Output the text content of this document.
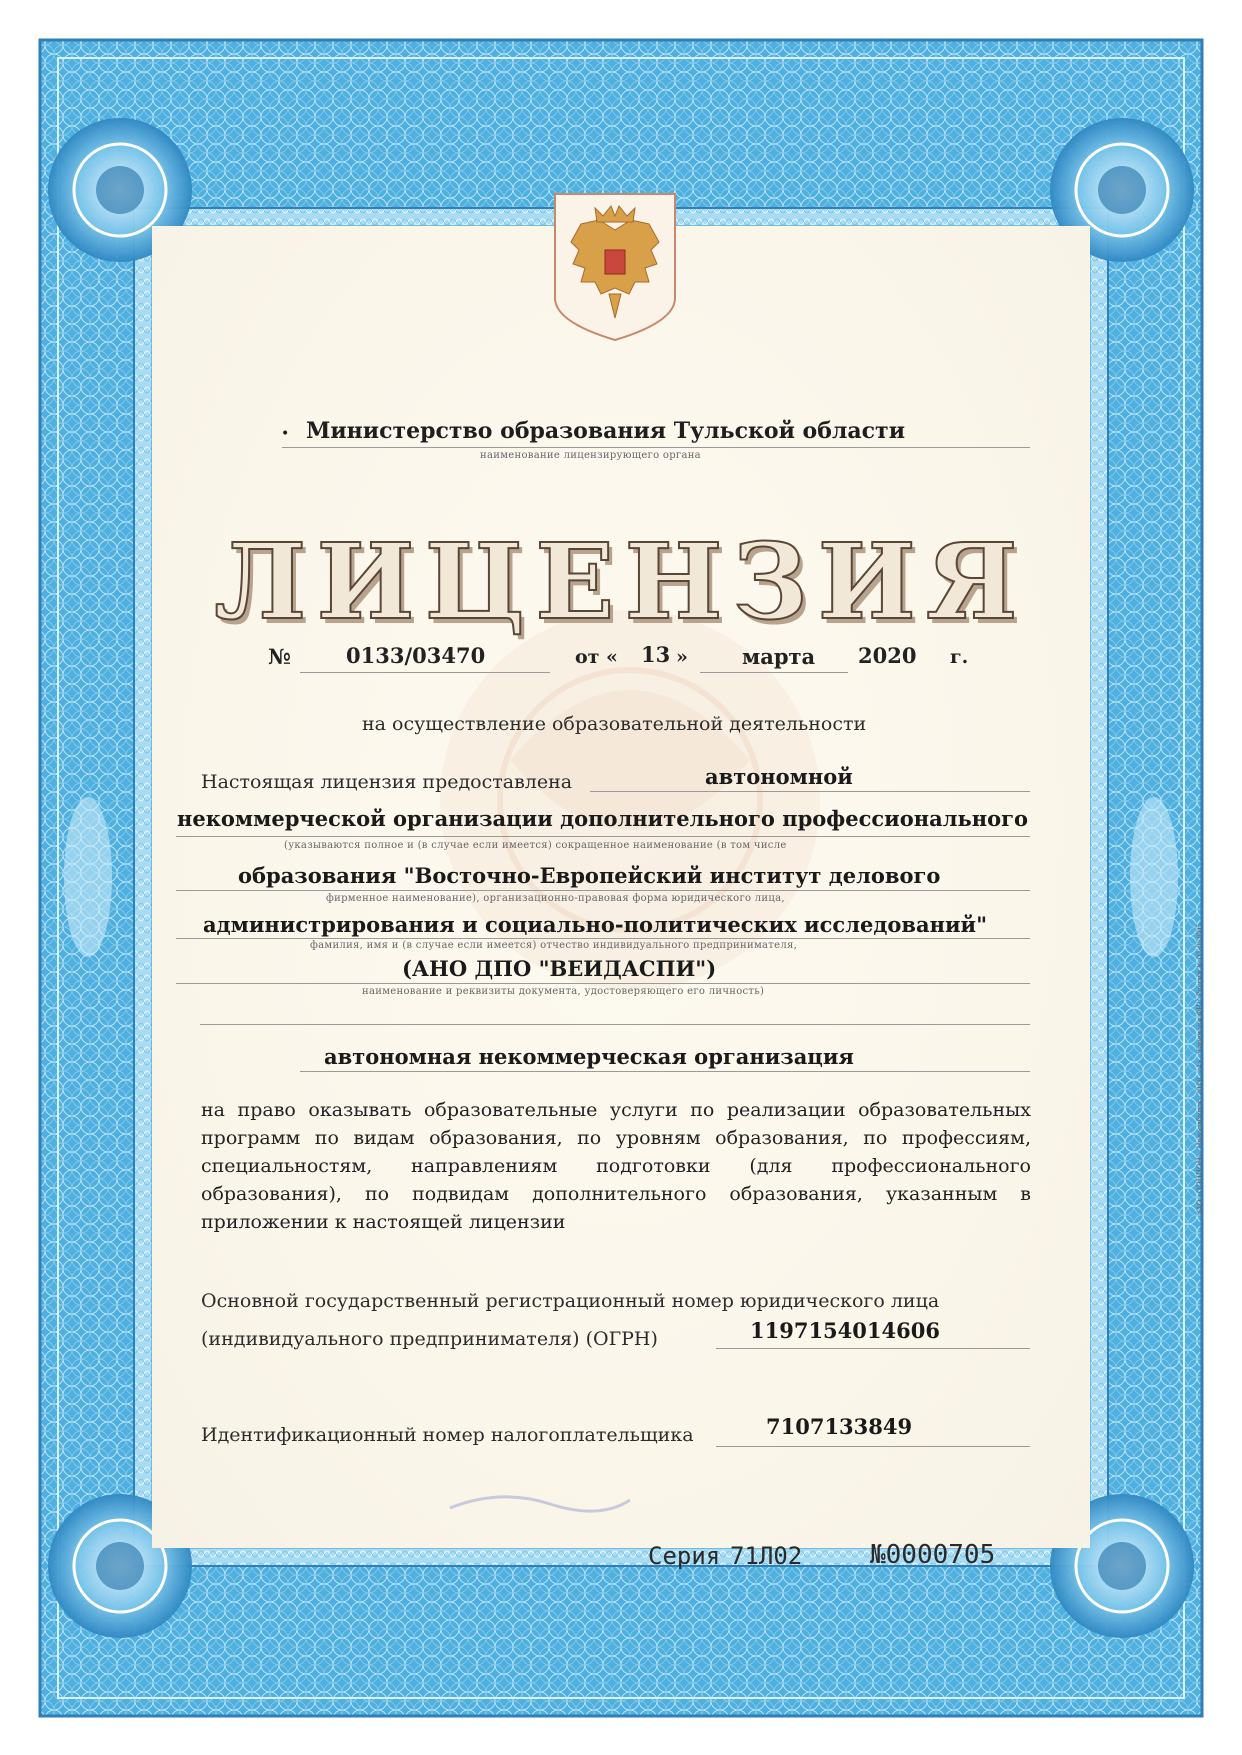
• Министерство образования Тульской области
наименование лицензирующего органа
ЛИЦЕНЗИЯ
№	0133/03470	от « 13 »	марта 2020 г.
на осуществление образовательной деятельности
Настоящая лицензия предоставлена	автономной
некоммерческой организации дополнительного профессионального
(указываются полное и (в случае если имеется) сокращенное наименование (в том числе
образования "Восточно-Европейский институт делового
фирменное наименование), организационно-правовая форма юридического лица,
администрирования и социально-политических исследований"
фамилия, имя и (в случае если имеется) отчество индивидуального предпринимателя,
(АНО ДПО "ВЕИДАСПИ")
наименование и реквизиты документа, удостоверяющего его личность)
автономная некоммерческая организация
на право оказывать образовательные услуги по реализации образовательных программ по видам образования, по уровням образования, по профессиям, специальностям, направлениям подготовки (для профессионального образования), по подвидам дополнительного образования, указанным в приложении к настоящей лицензии
Основной государственный регистрационный номер юридического лица
(индивидуального предпринимателя) (ОГРН)	1197154014606
Идентификационный номер налогоплательщика	7107133849
Серия 71Л02	№0000705
ЗАО «ОПЦИОН», Новосибирск, 2016, «А», Лицензия ФНС России № 05-05/005
